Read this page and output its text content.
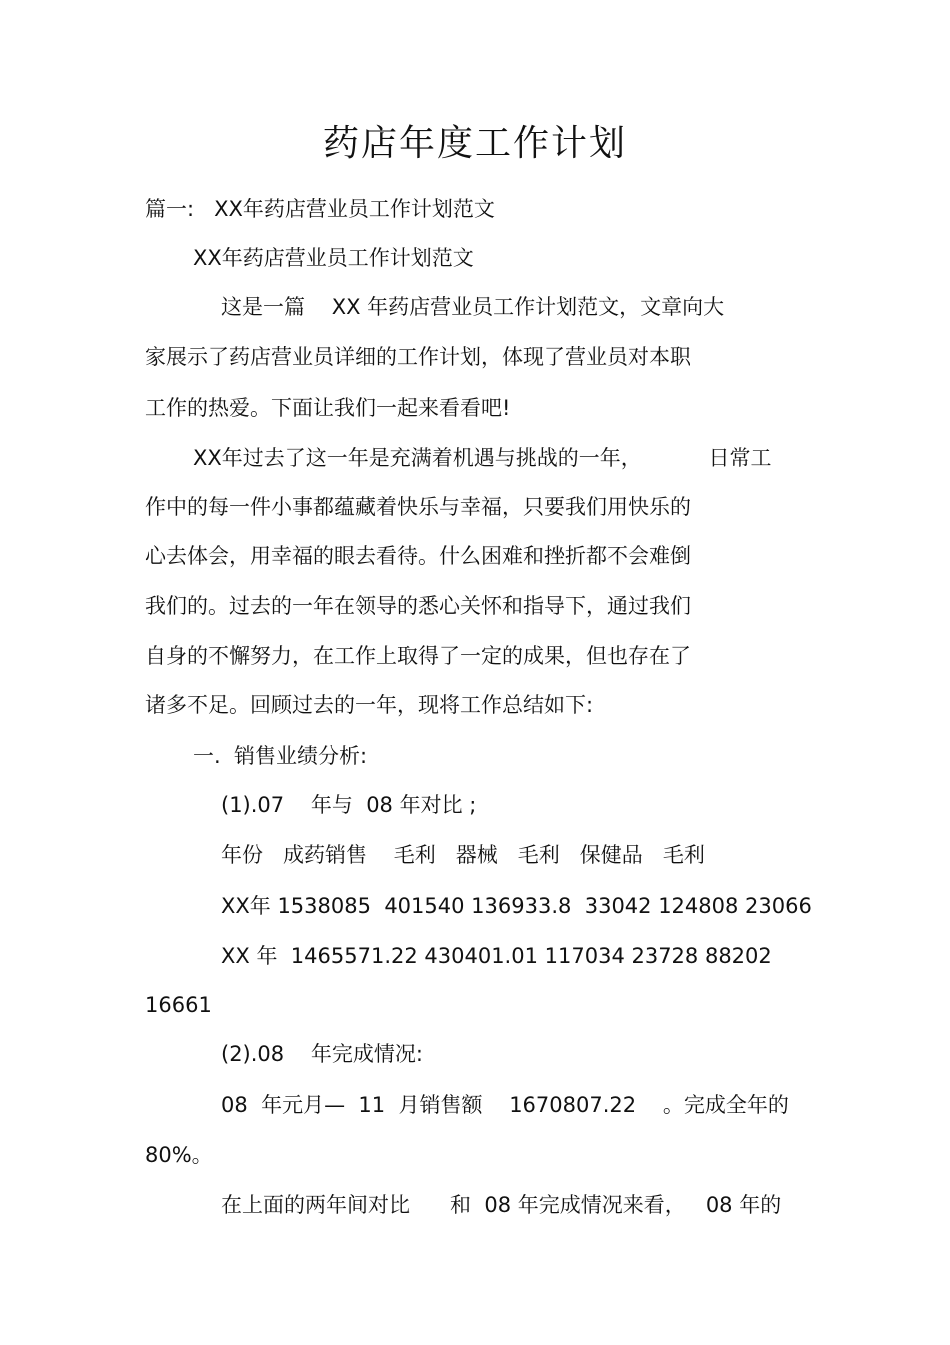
药店年度工作计划
篇一:   XX年药店营业员工作计划范文
XX年药店营业员工作计划范文
这是一篇    XX 年药店营业员工作计划范文，文章向大
家展示了药店营业员详细的工作计划，体现了营业员对本职
工作的热爱。下面让我们一起来看看吧!
XX年过去了这一年是充满着机遇与挑战的一年，          日常工
作中的每一件小事都蕴藏着快乐与幸福，只要我们用快乐的
心去体会，用幸福的眼去看待。什么困难和挫折都不会难倒
我们的。过去的一年在领导的悉心关怀和指导下，通过我们
自身的不懈努力，在工作上取得了一定的成果，但也存在了
诸多不足。回顾过去的一年，现将工作总结如下:
一.  销售业绩分析:
(1).07    年与  08 年对比 ;
年份   成药销售    毛利   器械   毛利   保健品   毛利
XX年 1538085  401540 136933.8  33042 124808 23066
XX 年  1465571.22 430401.01 117034 23728 88202
16661
(2).08    年完成情况:
08  年元月—  11  月销售额    1670807.22    。完成全年的
80%。
在上面的两年间对比      和  08 年完成情况来看，   08 年的
